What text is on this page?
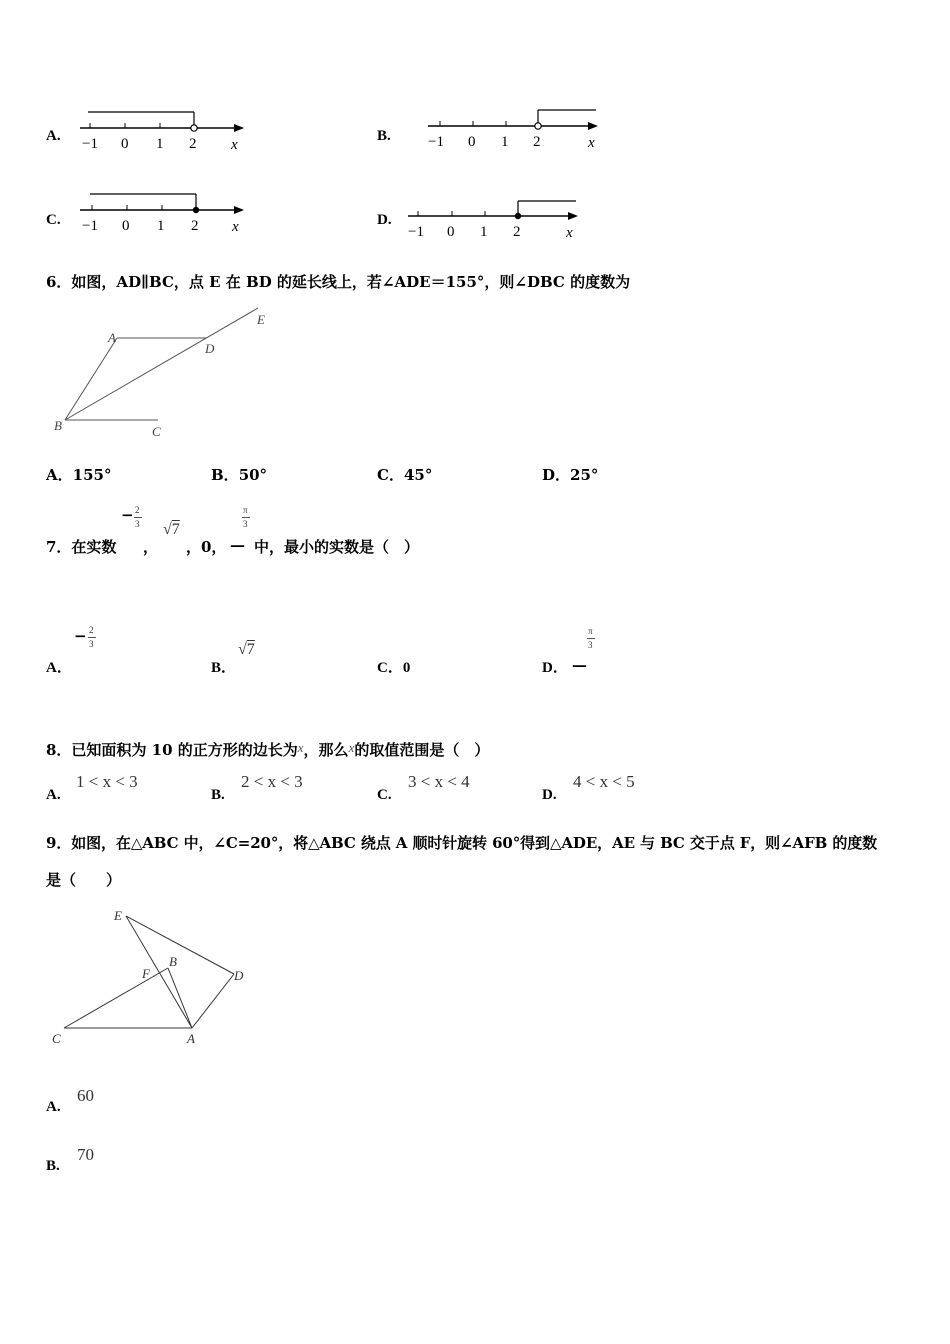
A. −1 0 1 2 x
B. −1 0 1 2	x
C. −1 0 1 2 x	D.
−1 0 1 2	x
6．如图，AD∥BC，点 E 在 BD 的延长线上，若∠ADE＝155°，则∠DBC 的度数为
A
D
E
B	C
A．155°	B．50°	C．45°	D．25°
7．在实数
− 2
3
，
√7
，0，
π
3
— 中，最小的实数是（　）
A．
− 2
3
B．
√7
C．0	D． —
π
3
8．已知面积为 10 的正方形的边长为x，那么x的取值范围是（　）
A.
1 < x < 3
B.
2 < x < 3
C.
3 < x < 4
D.
4 < x < 5
9．如图，在△ABC 中，∠C=20°，将△ABC 绕点 A 顺时针旋转 60°得到△ADE，AE 与 BC 交于点 F，则∠AFB 的度数
是（　　）
E
F
B
D
C	A
A.
60
B.
70
